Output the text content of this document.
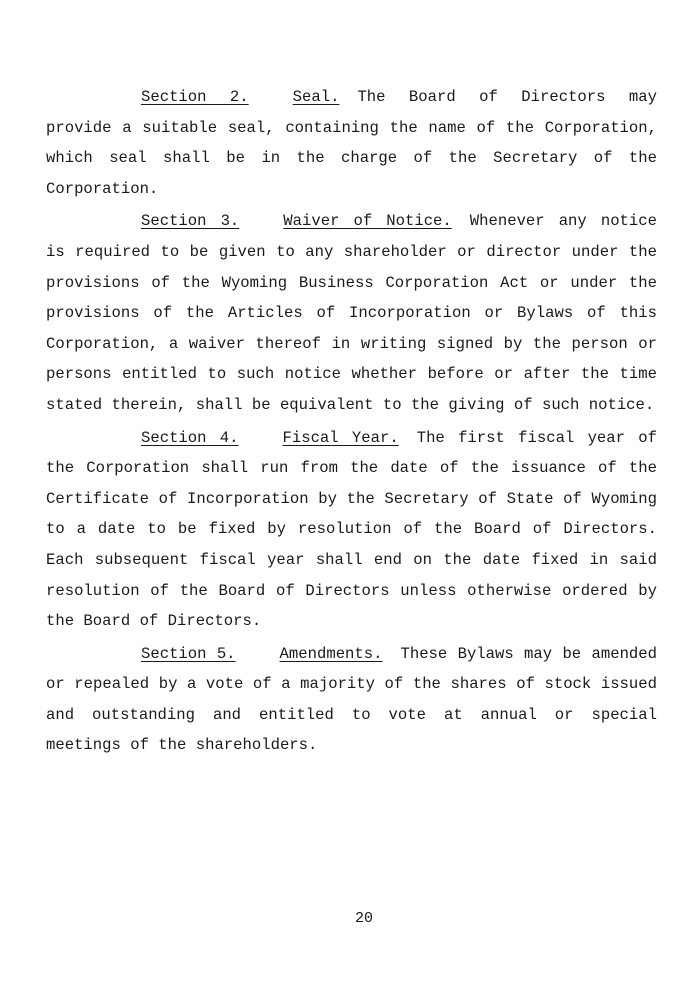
Section 2.	Seal. The Board of Directors may provide a suitable seal, containing the name of the Corporation, which seal shall be in the charge of the Secretary of the Corporation.

Section 3.	Waiver of Notice. Whenever any notice is required to be given to any shareholder or director under the provisions of the Wyoming Business Corporation Act or under the provisions of the Articles of Incorporation or Bylaws of this Corporation, a waiver thereof in writing signed by the person or persons entitled to such notice whether before or after the time stated therein, shall be equivalent to the giving of such notice.

Section 4.	Fiscal Year. The first fiscal year of the Corporation shall run from the date of the issuance of the Certificate of Incorporation by the Secretary of State of Wyoming to a date to be fixed by resolution of the Board of Directors. Each subsequent fiscal year shall end on the date fixed in said resolution of the Board of Directors unless otherwise ordered by the Board of Directors.

Section 5.	Amendments. These Bylaws may be amended or repealed by a vote of a majority of the shares of stock issued and outstanding and entitled to vote at annual or special meetings of the shareholders.

20
